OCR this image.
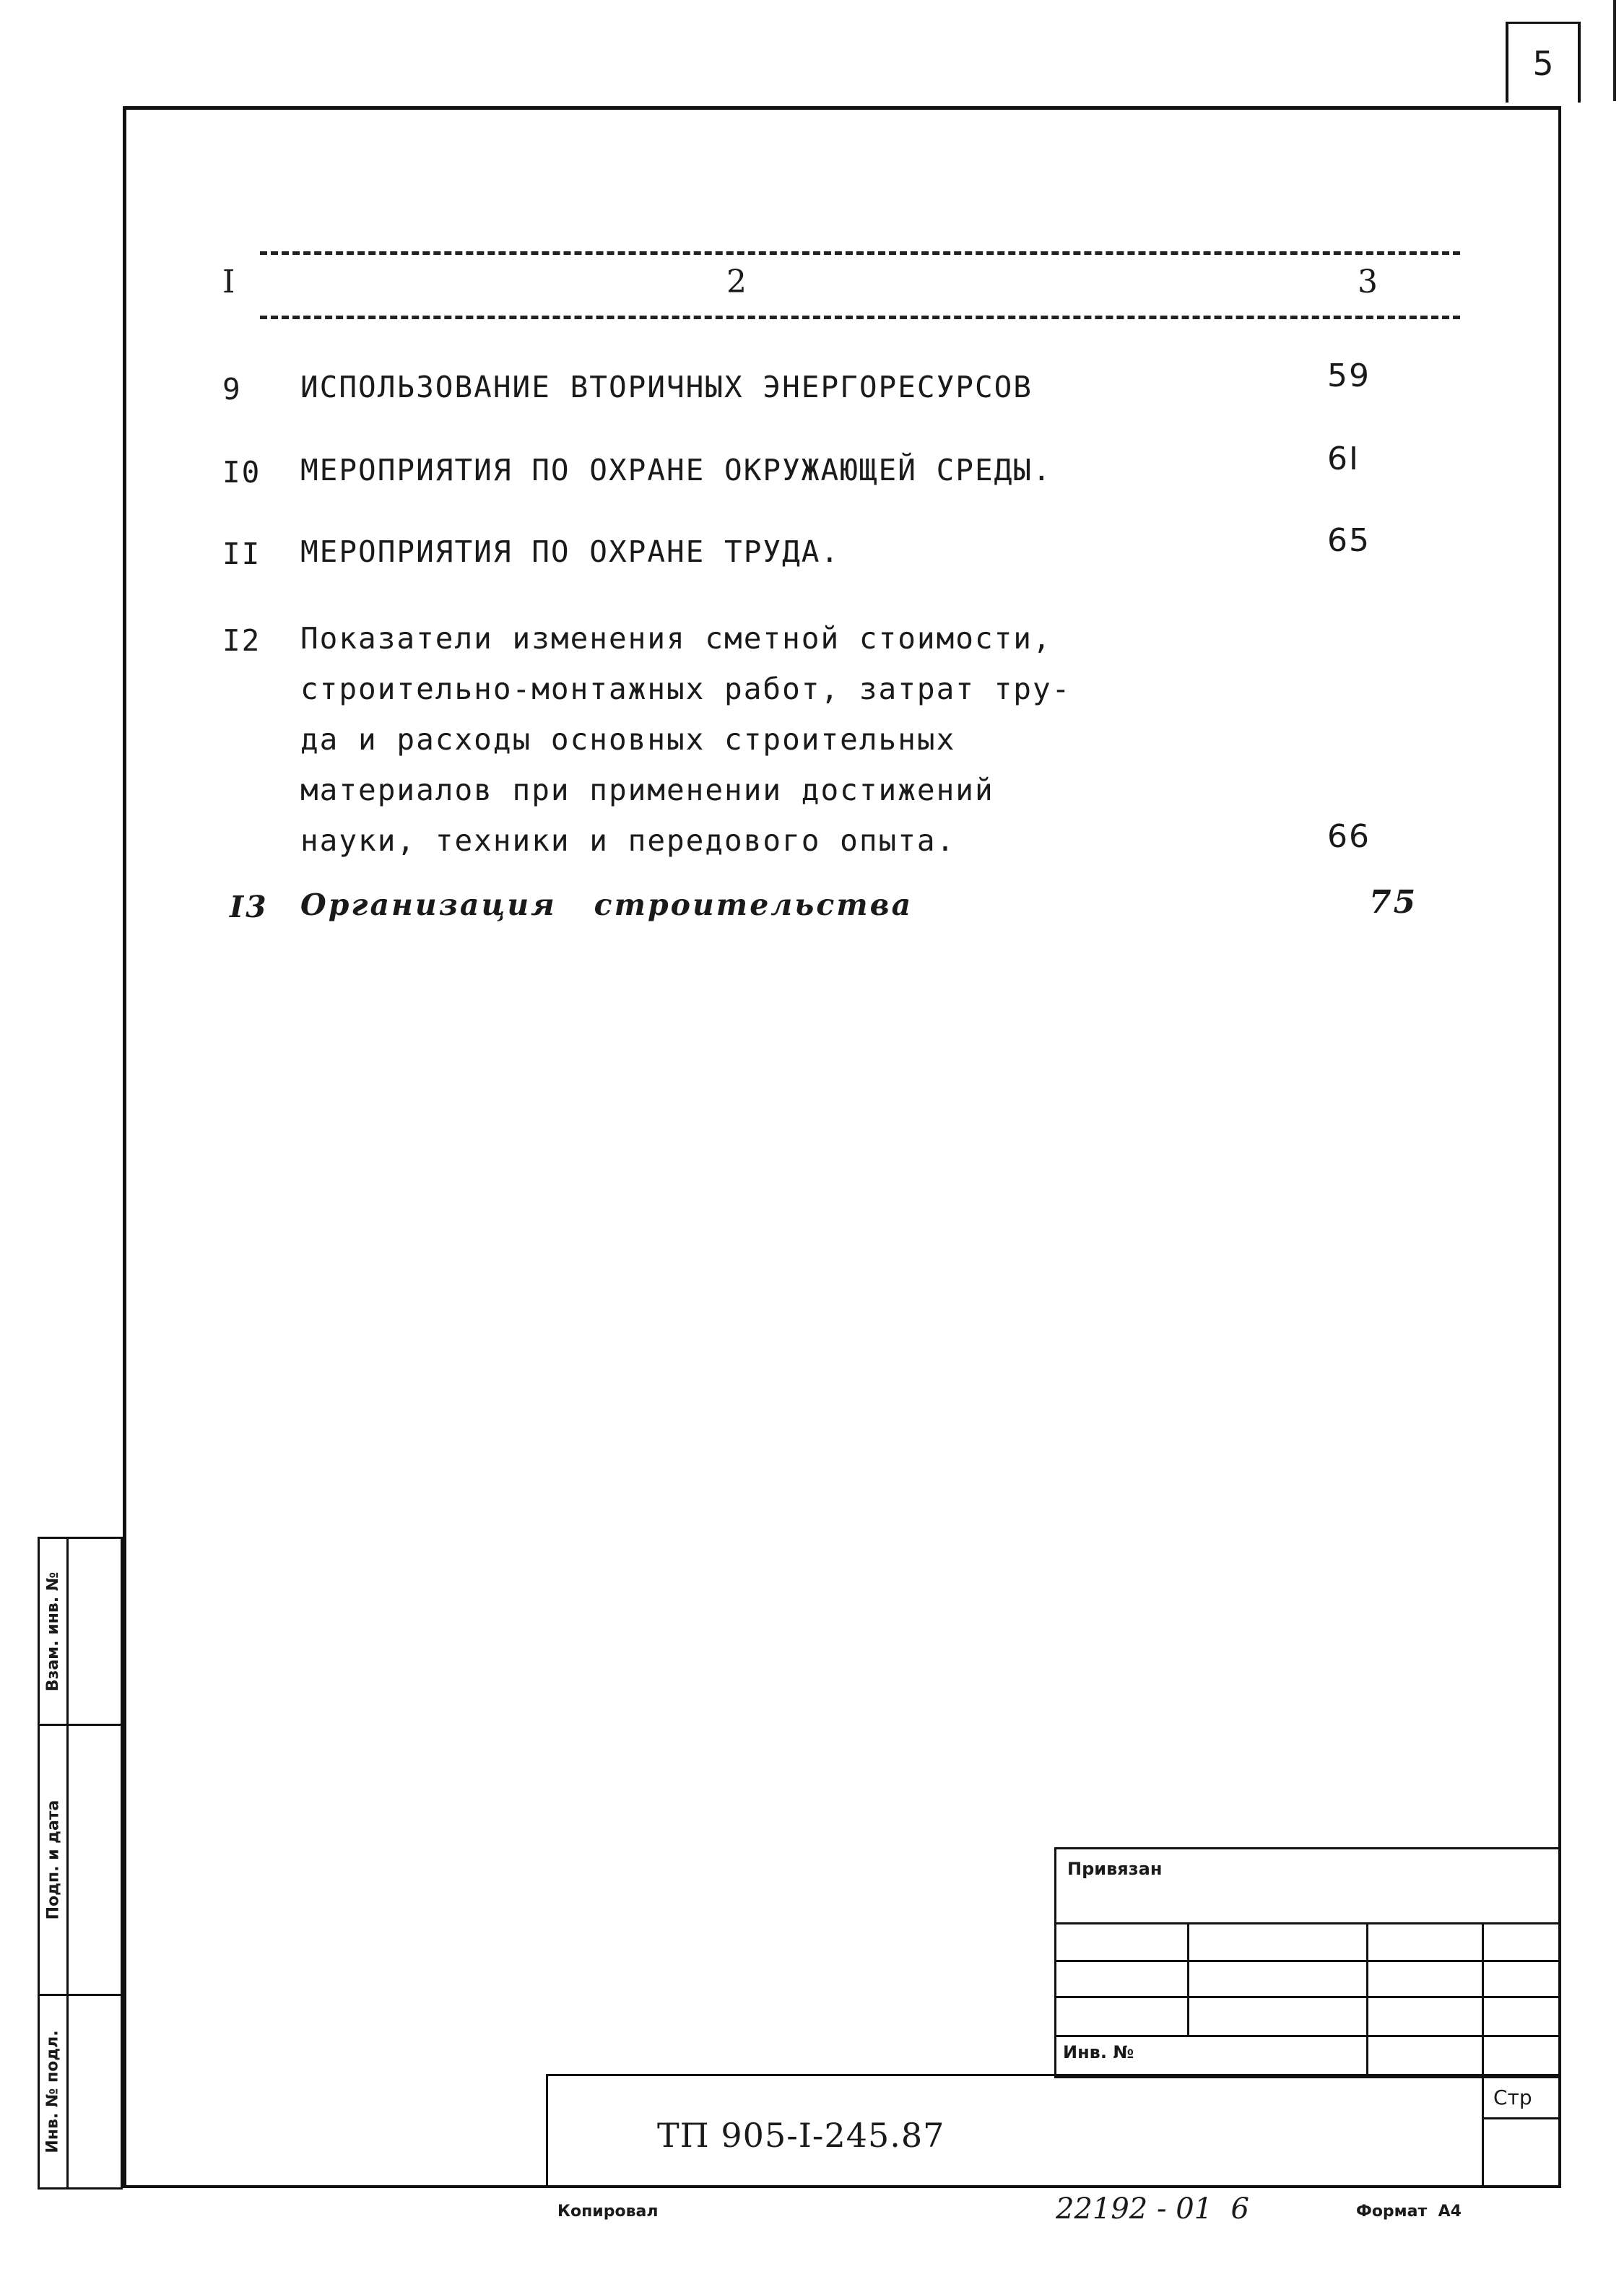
5
I	2	3
9 ИСПОЛЬЗОВАНИЕ ВТОРИЧНЫХ ЭНЕРГОРЕСУРСОВ	59
I0 МЕРОПРИЯТИЯ ПО ОХРАНЕ ОКРУЖАЮЩЕЙ СРЕДЫ.	6I
II МЕРОПРИЯТИЯ ПО ОХРАНЕ ТРУДА.	65
I2 Показатели изменения сметной стоимости,
строительно-монтажных работ, затрат тру-
да и расходы основных строительных
материалов при применении достижений
науки, техники и передового опыта.	66
I3 Организация   строительства	75
Взам. инв. №
Подп. и дата
Инв. № подл.
Привязан
Инв. №
Стр
ТП 905-I-245.87
Копировал	22192 - 01  6	Формат  А4
